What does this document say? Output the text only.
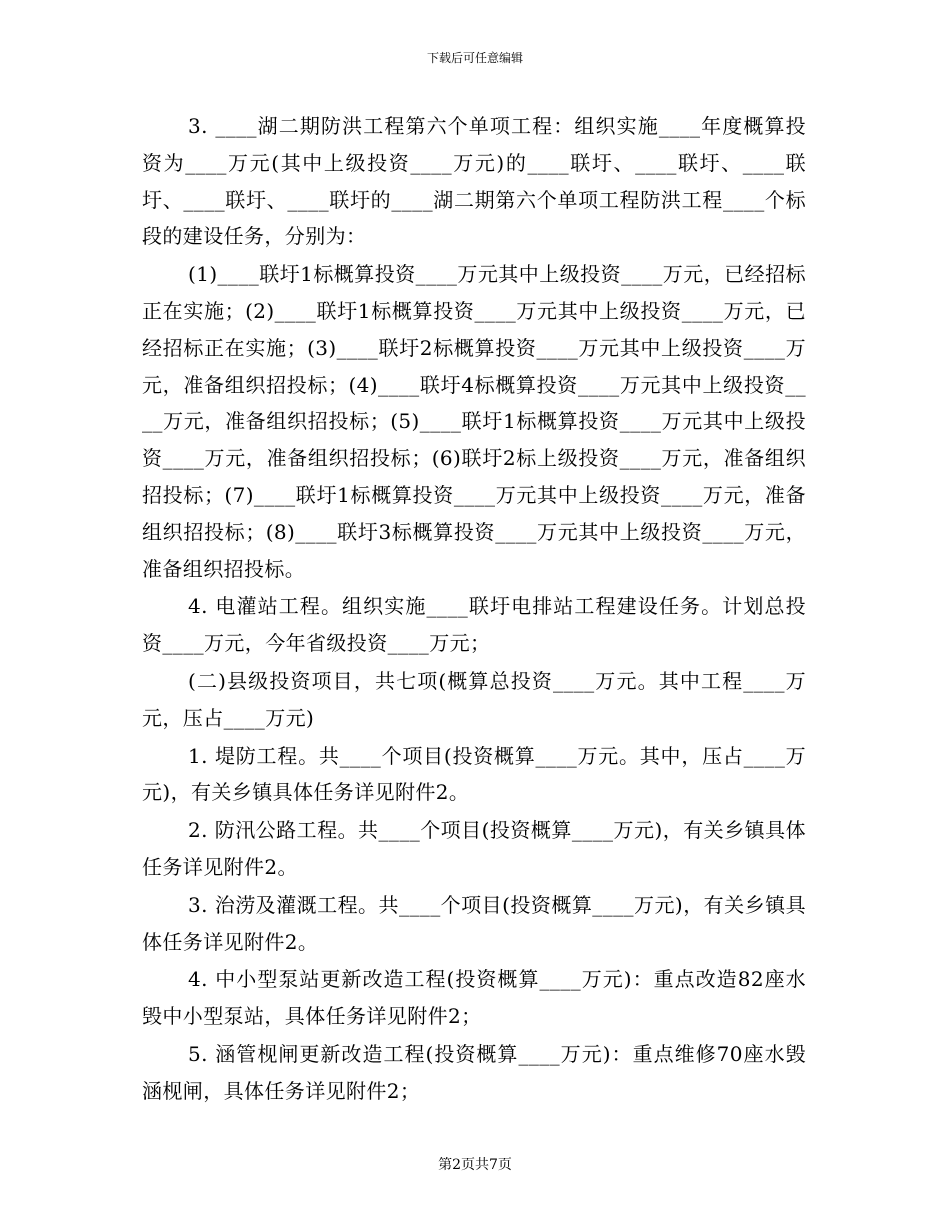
下载后可任意编辑

3. ____湖二期防洪工程第六个单项工程：组织实施____年度概算投资为____万元(其中上级投资____万元)的____联圩、____联圩、____联圩、____联圩、____联圩的____湖二期第六个单项工程防洪工程____个标段的建设任务，分别为：

(1)____联圩1标概算投资____万元其中上级投资____万元，已经招标正在实施；(2)____联圩1标概算投资____万元其中上级投资____万元，已经招标正在实施；(3)____联圩2标概算投资____万元其中上级投资____万元，准备组织招投标；(4)____联圩4标概算投资____万元其中上级投资____万元，准备组织招投标；(5)____联圩1标概算投资____万元其中上级投资____万元，准备组织招投标；(6)联圩2标上级投资____万元，准备组织招投标；(7)____联圩1标概算投资____万元其中上级投资____万元，准备组织招投标；(8)____联圩3标概算投资____万元其中上级投资____万元，准备组织招投标。

4. 电灌站工程。组织实施____联圩电排站工程建设任务。计划总投资____万元，今年省级投资____万元；

(二)县级投资项目，共七项(概算总投资____万元。其中工程____万元，压占____万元)

1. 堤防工程。共____个项目(投资概算____万元。其中，压占____万元)，有关乡镇具体任务详见附件2。

2. 防汛公路工程。共____个项目(投资概算____万元)，有关乡镇具体任务详见附件2。

3. 治涝及灌溉工程。共____个项目(投资概算____万元)，有关乡镇具体任务详见附件2。

4. 中小型泵站更新改造工程(投资概算____万元)：重点改造82座水毁中小型泵站，具体任务详见附件2；

5. 涵管枧闸更新改造工程(投资概算____万元)：重点维修70座水毁涵枧闸，具体任务详见附件2；

第2页共7页
